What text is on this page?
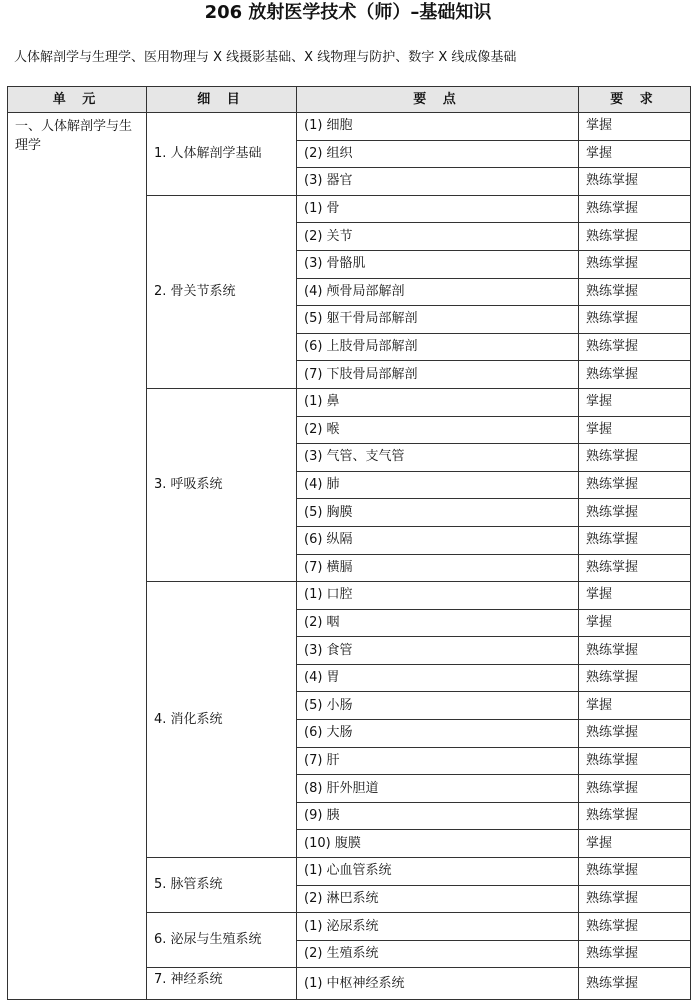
206 放射医学技术（师）–基础知识
人体解剖学与生理学、医用物理与 X 线摄影基础、X 线物理与防护、数字 X 线成像基础
单 元	细 目	要 点	要 求
一、人体解剖学与生理学	1. 人体解剖学基础	(1) 细胞	掌握
		(2) 组织	掌握
		(3) 器官	熟练掌握
	2. 骨关节系统	(1) 骨	熟练掌握
		(2) 关节	熟练掌握
		(3) 骨骼肌	熟练掌握
		(4) 颅骨局部解剖	熟练掌握
		(5) 躯干骨局部解剖	熟练掌握
		(6) 上肢骨局部解剖	熟练掌握
		(7) 下肢骨局部解剖	熟练掌握
	3. 呼吸系统	(1) 鼻	掌握
		(2) 喉	掌握
		(3) 气管、支气管	熟练掌握
		(4) 肺	熟练掌握
		(5) 胸膜	熟练掌握
		(6) 纵隔	熟练掌握
		(7) 横膈	熟练掌握
	4. 消化系统	(1) 口腔	掌握
		(2) 咽	掌握
		(3) 食管	熟练掌握
		(4) 胃	熟练掌握
		(5) 小肠	掌握
		(6) 大肠	熟练掌握
		(7) 肝	熟练掌握
		(8) 肝外胆道	熟练掌握
		(9) 胰	熟练掌握
		(10) 腹膜	掌握
	5. 脉管系统	(1) 心血管系统	熟练掌握
		(2) 淋巴系统	熟练掌握
	6. 泌尿与生殖系统	(1) 泌尿系统	熟练掌握
		(2) 生殖系统	熟练掌握
	7. 神经系统	(1) 中枢神经系统	熟练掌握
